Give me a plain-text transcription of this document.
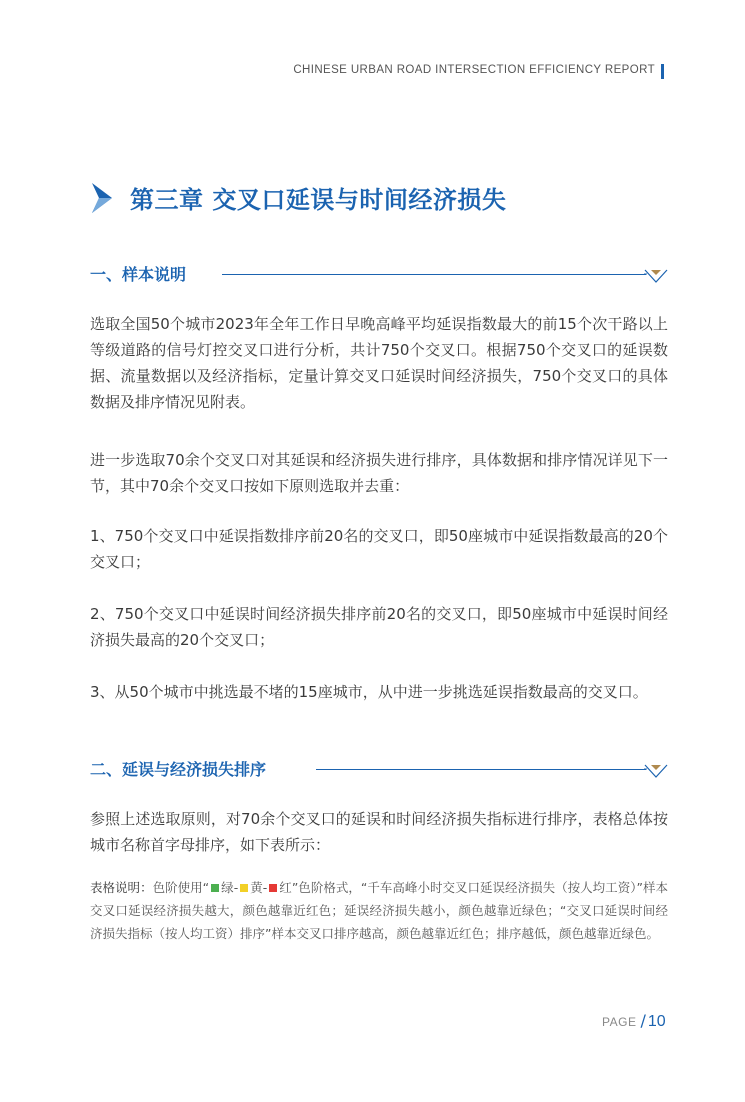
CHINESE URBAN ROAD INTERSECTION EFFICIENCY REPORT
第三章 交叉口延误与时间经济损失
一、样本说明

选取全国50个城市2023年全年工作日早晚高峰平均延误指数最大的前15个次干路以上等级道路的信号灯控交叉口进行分析，共计750个交叉口。根据750个交叉口的延误数据、流量数据以及经济指标，定量计算交叉口延误时间经济损失，750个交叉口的具体数据及排序情况见附表。

进一步选取70余个交叉口对其延误和经济损失进行排序，具体数据和排序情况详见下一节，其中70余个交叉口按如下原则选取并去重：

1、750个交叉口中延误指数排序前20名的交叉口，即50座城市中延误指数最高的20个交叉口；

2、750个交叉口中延误时间经济损失排序前20名的交叉口，即50座城市中延误时间经济损失最高的20个交叉口；

3、从50个城市中挑选最不堵的15座城市，从中进一步挑选延误指数最高的交叉口。

二、延误与经济损失排序

参照上述选取原则，对70余个交叉口的延误和时间经济损失指标进行排序，表格总体按城市名称首字母排序，如下表所示：

表格说明：色阶使用“ 绿- 黄- 红”色阶格式，“千车高峰小时交叉口延误经济损失（按人均工资）”样本交叉口延误经济损失越大，颜色越靠近红色；延误经济损失越小，颜色越靠近绿色；“交叉口延误时间经济损失指标（按人均工资）排序”样本交叉口排序越高，颜色越靠近红色；排序越低，颜色越靠近绿色。
PAGE / 10
